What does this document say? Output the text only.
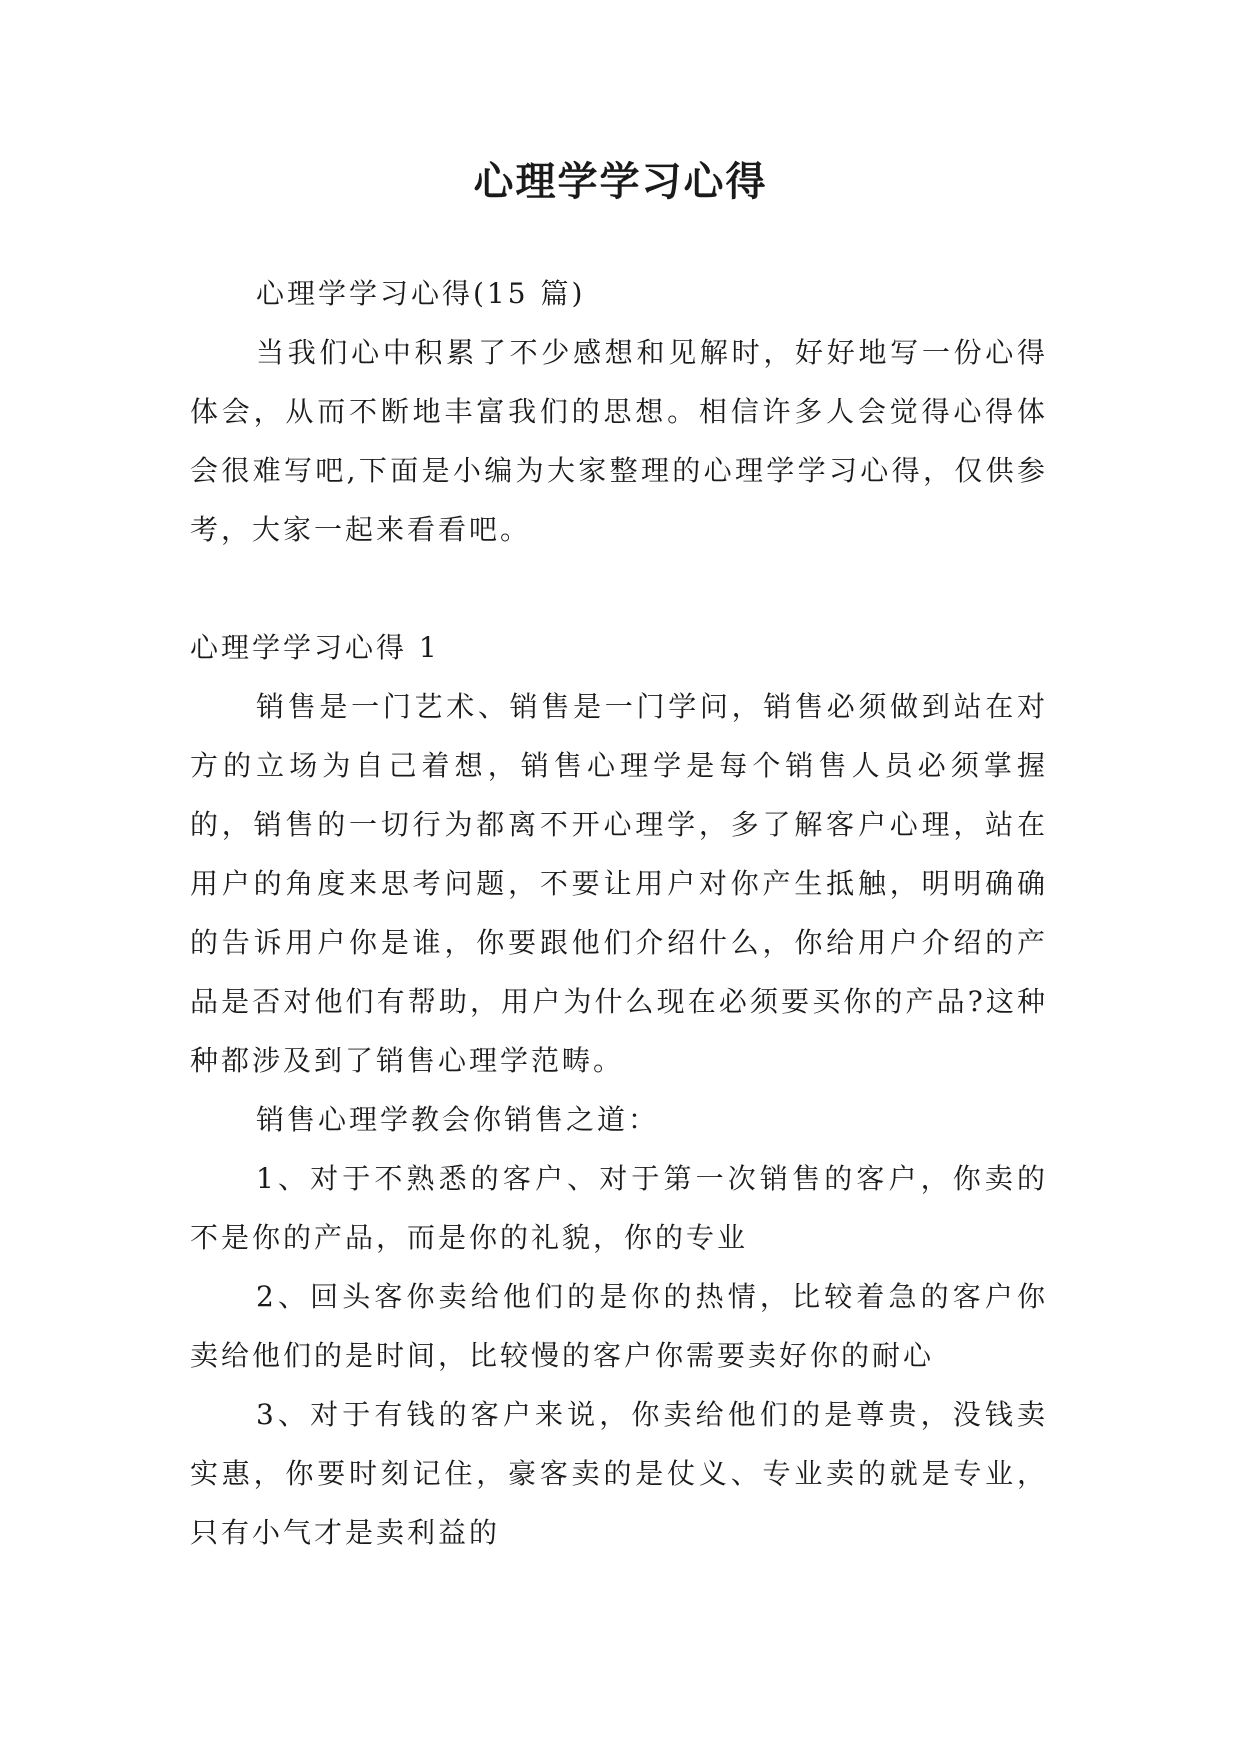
心理学学习心得

心理学学习心得(15 篇)

当我们心中积累了不少感想和见解时，好好地写一份心得体会，从而不断地丰富我们的思想。相信许多人会觉得心得体会很难写吧,下面是小编为大家整理的心理学学习心得，仅供参考，大家一起来看看吧。

心理学学习心得 1

销售是一门艺术、销售是一门学问，销售必须做到站在对方的立场为自己着想，销售心理学是每个销售人员必须掌握的，销售的一切行为都离不开心理学，多了解客户心理，站在用户的角度来思考问题，不要让用户对你产生抵触，明明确确的告诉用户你是谁，你要跟他们介绍什么，你给用户介绍的产品是否对他们有帮助，用户为什么现在必须要买你的产品?这种种都涉及到了销售心理学范畴。

销售心理学教会你销售之道：

1、对于不熟悉的客户、对于第一次销售的客户，你卖的不是你的产品，而是你的礼貌，你的专业

2、回头客你卖给他们的是你的热情，比较着急的客户你卖给他们的是时间，比较慢的客户你需要卖好你的耐心

3、对于有钱的客户来说，你卖给他们的是尊贵，没钱卖实惠，你要时刻记住，豪客卖的是仗义、专业卖的就是专业，只有小气才是卖利益的
